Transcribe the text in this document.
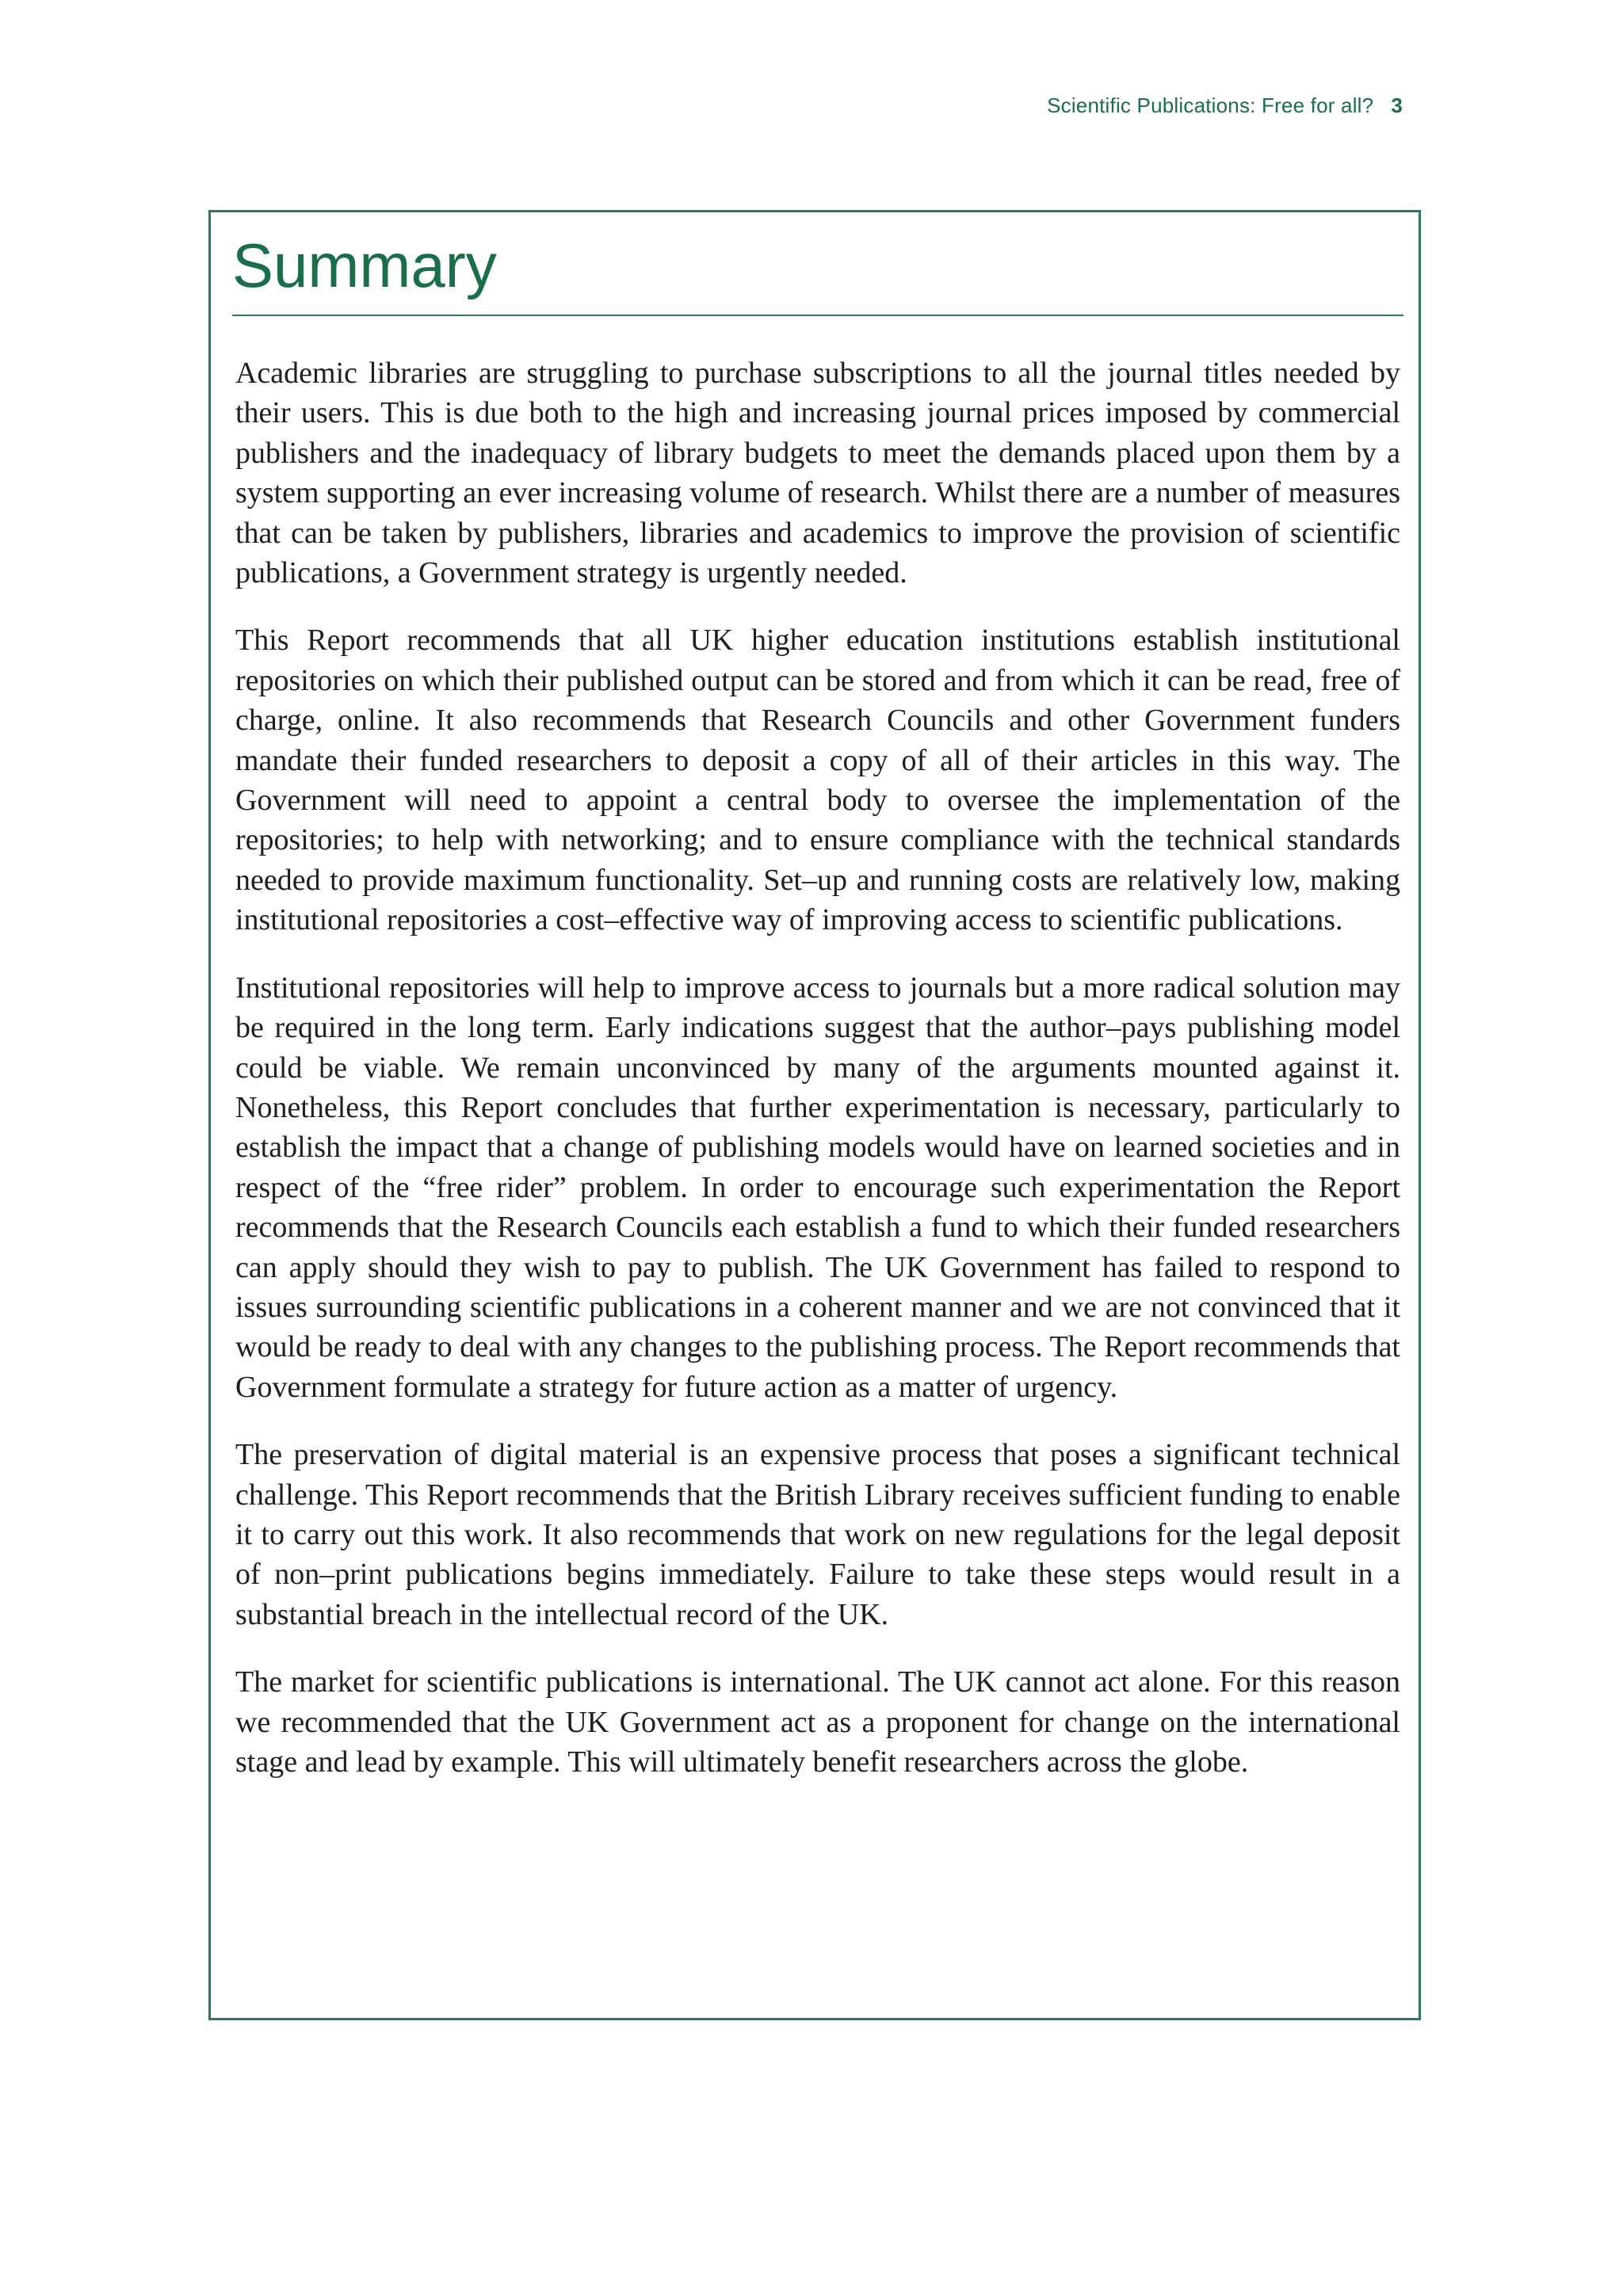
Scientific Publications: Free for all? 3
Summary

Academic libraries are struggling to purchase subscriptions to all the journal titles needed by their users. This is due both to the high and increasing journal prices imposed by commercial publishers and the inadequacy of library budgets to meet the demands placed upon them by a system supporting an ever increasing volume of research. Whilst there are a number of measures that can be taken by publishers, libraries and academics to improve the provision of scientific publications, a Government strategy is urgently needed.

This Report recommends that all UK higher education institutions establish institutional repositories on which their published output can be stored and from which it can be read, free of charge, online. It also recommends that Research Councils and other Government funders mandate their funded researchers to deposit a copy of all of their articles in this way. The Government will need to appoint a central body to oversee the implementation of the repositories; to help with networking; and to ensure compliance with the technical standards needed to provide maximum functionality. Set–up and running costs are relatively low, making institutional repositories a cost–effective way of improving access to scientific publications.

Institutional repositories will help to improve access to journals but a more radical solution may be required in the long term. Early indications suggest that the author–pays publishing model could be viable. We remain unconvinced by many of the arguments mounted against it. Nonetheless, this Report concludes that further experimentation is necessary, particularly to establish the impact that a change of publishing models would have on learned societies and in respect of the “free rider” problem. In order to encourage such experimentation the Report recommends that the Research Councils each establish a fund to which their funded researchers can apply should they wish to pay to publish. The UK Government has failed to respond to issues surrounding scientific publications in a coherent manner and we are not convinced that it would be ready to deal with any changes to the publishing process. The Report recommends that Government formulate a strategy for future action as a matter of urgency.

The preservation of digital material is an expensive process that poses a significant technical challenge. This Report recommends that the British Library receives sufficient funding to enable it to carry out this work. It also recommends that work on new regulations for the legal deposit of non–print publications begins immediately. Failure to take these steps would result in a substantial breach in the intellectual record of the UK.

The market for scientific publications is international. The UK cannot act alone. For this reason we recommended that the UK Government act as a proponent for change on the international stage and lead by example. This will ultimately benefit researchers across the globe.
